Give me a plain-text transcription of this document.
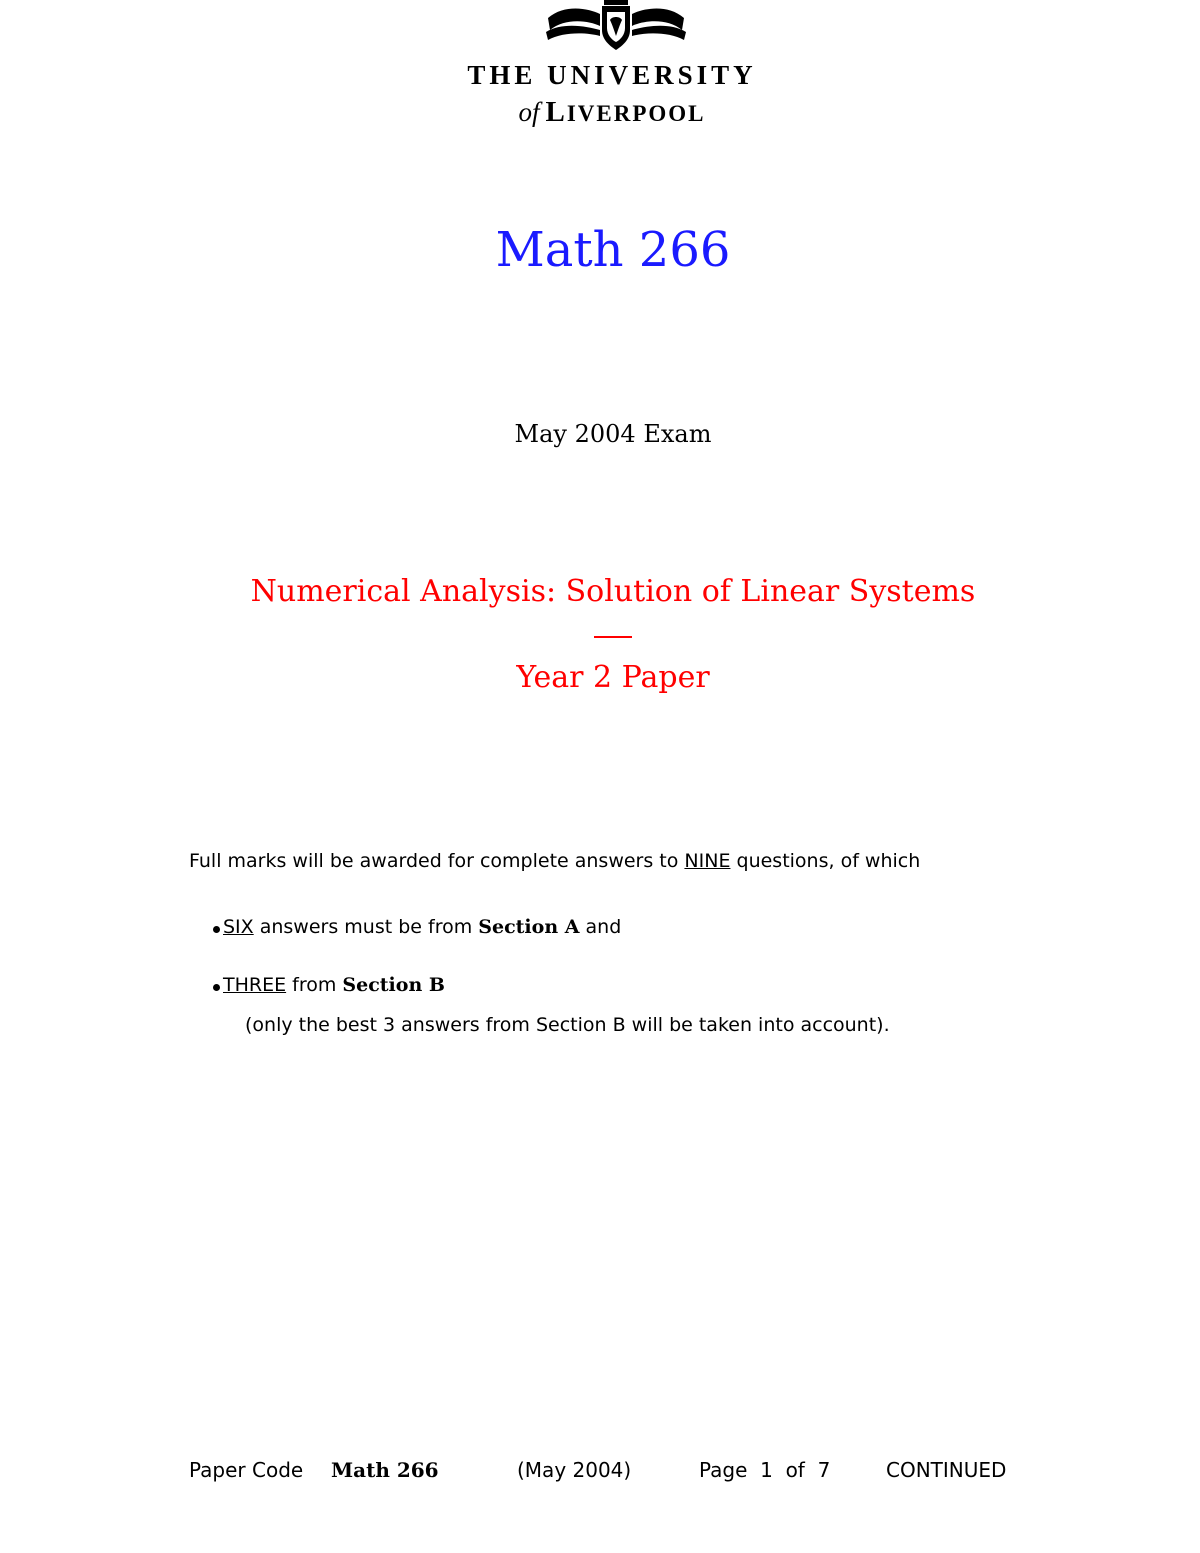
THE UNIVERSITY
of LIVERPOOL
Math 266
May 2004 Exam
Numerical Analysis: Solution of Linear Systems
Year 2 Paper
Full marks will be awarded for complete answers to NINE questions, of which
SIX answers must be from Section A and
THREE from Section B
(only the best 3 answers from Section B will be taken into account).
Paper Code Math 266	(May 2004)	Page  1  of  7	CONTINUED
